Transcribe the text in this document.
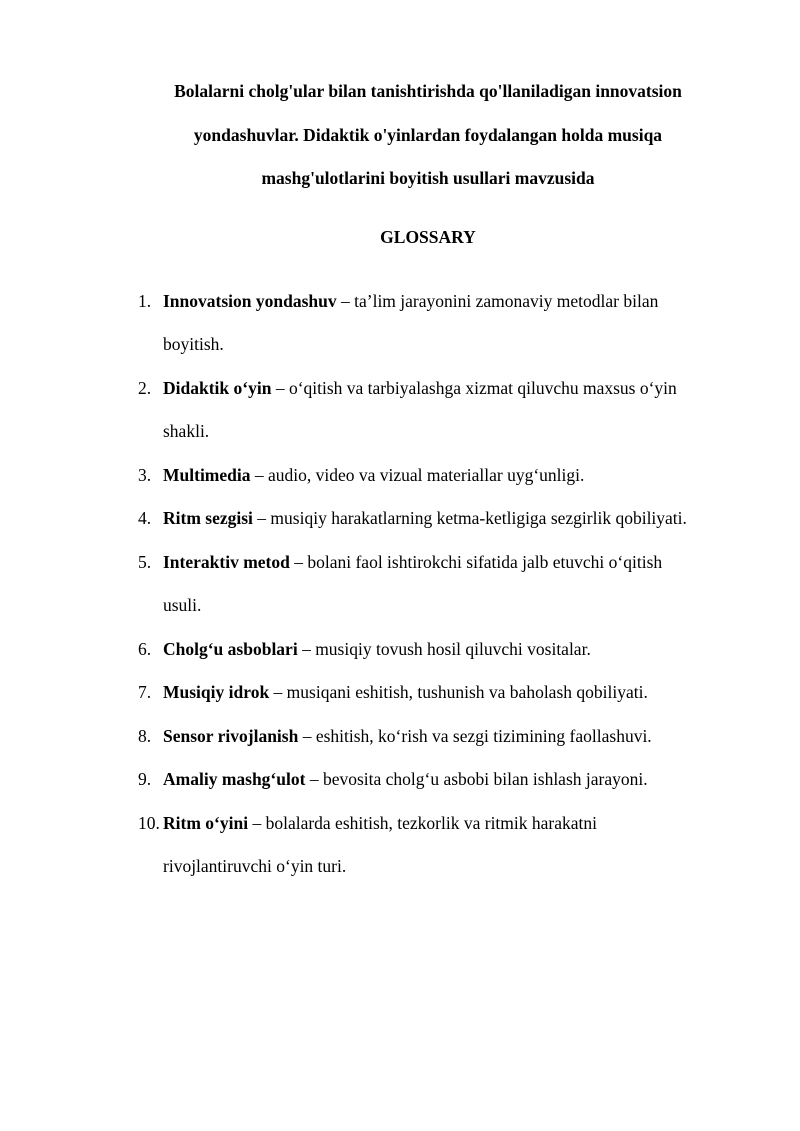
Bolalarni cholg'ular bilan tanishtirishda qo'llaniladigan innovatsion
yondashuvlar. Didaktik o'yinlardan foydalangan holda musiqa
mashg'ulotlarini boyitish usullari mavzusida
GLOSSARY
1. Innovatsion yondashuv – ta’lim jarayonini zamonaviy metodlar bilan
boyitish.
2. Didaktik o‘yin – o‘qitish va tarbiyalashga xizmat qiluvchu maxsus o‘yin
shakli.
3. Multimedia – audio, video va vizual materiallar uyg‘unligi.
4. Ritm sezgisi – musiqiy harakatlarning ketma-ketligiga sezgirlik qobiliyati.
5. Interaktiv metod – bolani faol ishtirokchi sifatida jalb etuvchi o‘qitish
usuli.
6. Cholg‘u asboblari – musiqiy tovush hosil qiluvchi vositalar.
7. Musiqiy idrok – musiqani eshitish, tushunish va baholash qobiliyati.
8. Sensor rivojlanish – eshitish, ko‘rish va sezgi tizimining faollashuvi.
9. Amaliy mashg‘ulot – bevosita cholg‘u asbobi bilan ishlash jarayoni.
10. Ritm o‘yini – bolalarda eshitish, tezkorlik va ritmik harakatni
rivojlantiruvchi o‘yin turi.
